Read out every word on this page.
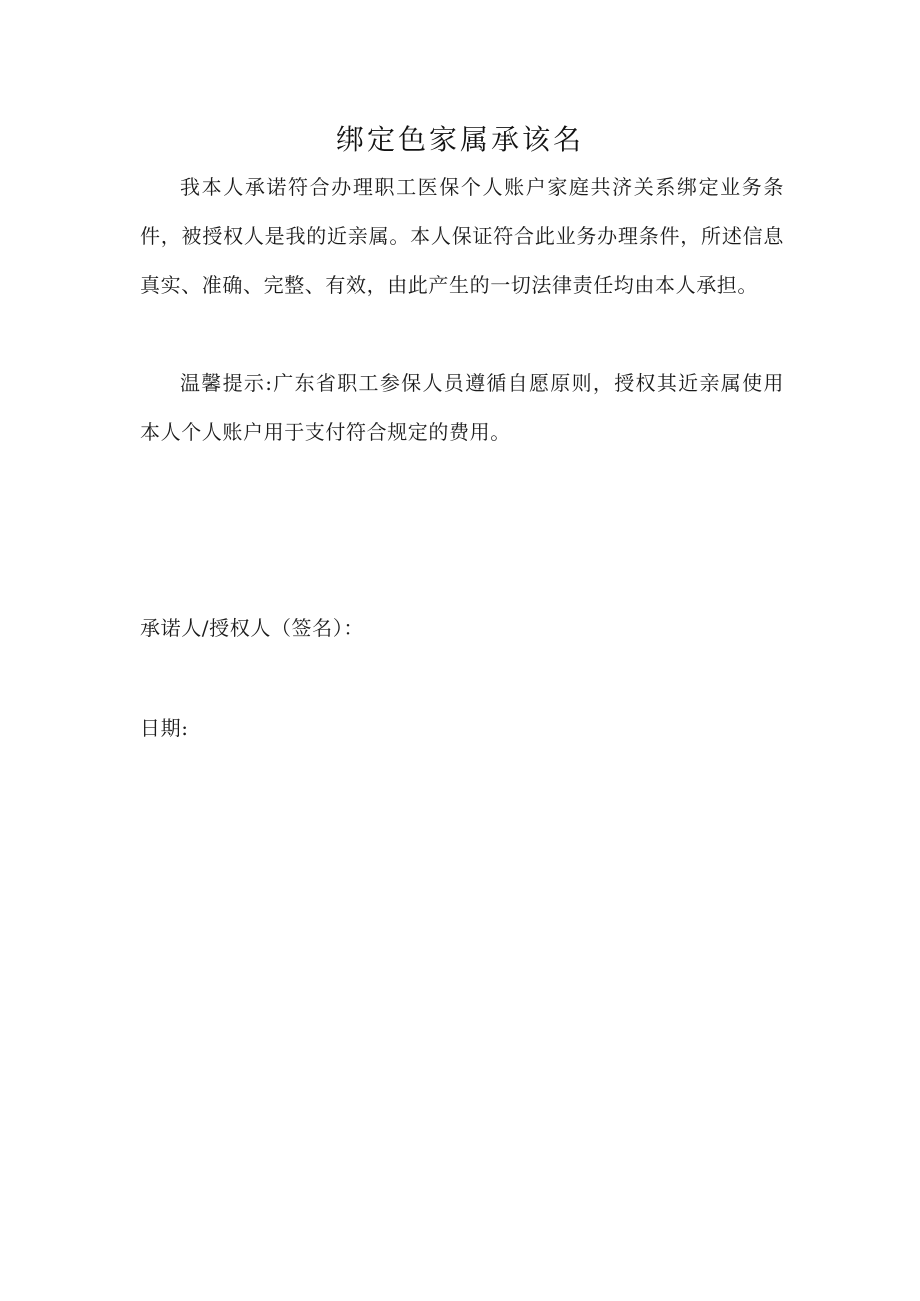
绑定色家属承该名

我本人承诺符合办理职工医保个人账户家庭共济关系绑定业务条件，被授权人是我的近亲属。本人保证符合此业务办理条件，所述信息真实、准确、完整、有效，由此产生的一切法律责任均由本人承担。

温馨提示:广东省职工参保人员遵循自愿原则，授权其近亲属使用本人个人账户用于支付符合规定的费用。

承诺人/授权人（签名）：

日期:
